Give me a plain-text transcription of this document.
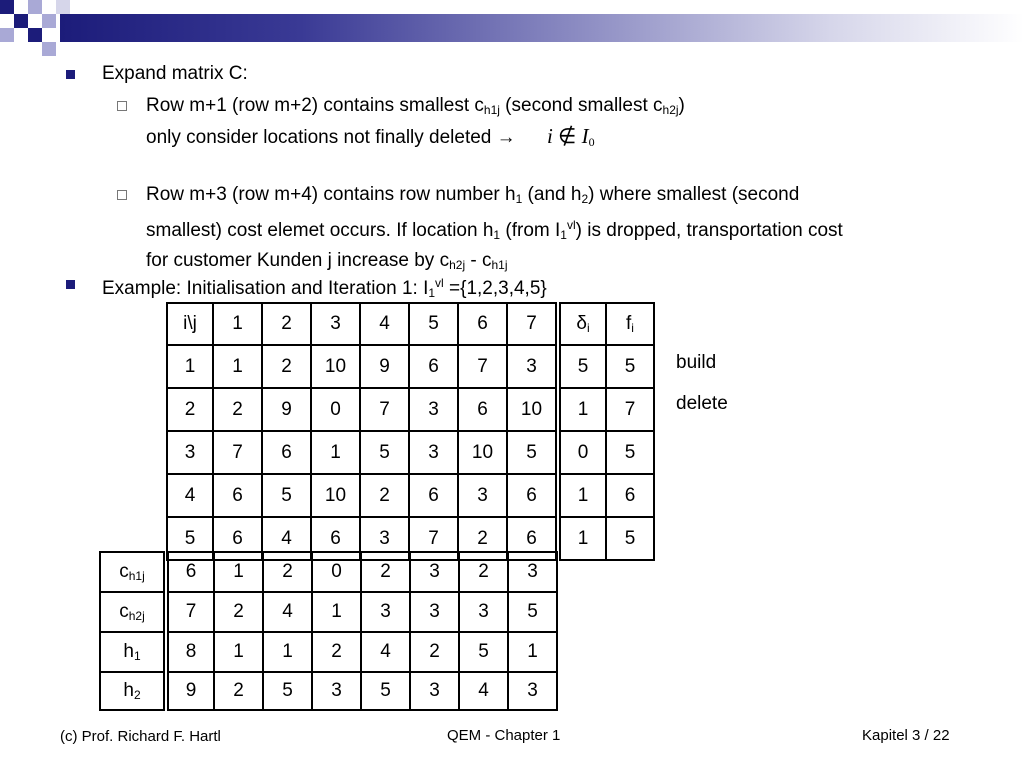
Expand matrix C:
Row m+1 (row m+2) contains smallest $c_{h1j}$ (second smallest $c_{h2j}$)
only consider locations not finally deleted → i ∉ $I_0$
Row m+3 (row m+4) contains row number $h_1$ (and $h_2$) where smallest (second
smallest) cost elemet occurs. If location $h_1$ (from $I_1^{vl}$) is dropped, transportation cost
for customer Kunden j increase by $c_{h2j} - c_{h1j}$
Example: Initialisation and Iteration 1: $I_1^{vl} =\{1,2,3,4,5\}$
i\j	1	2	3	4	5	6	7		$\delta_i$	$f_i$
1	1	2	10	9	6	7	3		5	5
2	2	9	0	7	3	6	10		1	7
3	7	6	1	5	3	10	5		0	5
4	6	5	10	2	6	3	6		1	6
5	6	4	6	3	7	2	6		1	5
$c_{h1j}$		6	1	2	0	2	3	2	3
$c_{h2j}$		7	2	4	1	3	3	3	5
$h_1$		8	1	1	2	4	2	5	1
$h_2$		9	2	5	3	5	3	4	3
build
delete
(c) Prof. Richard F. Hartl	QEM - Chapter 1	Kapitel 3 / 22
